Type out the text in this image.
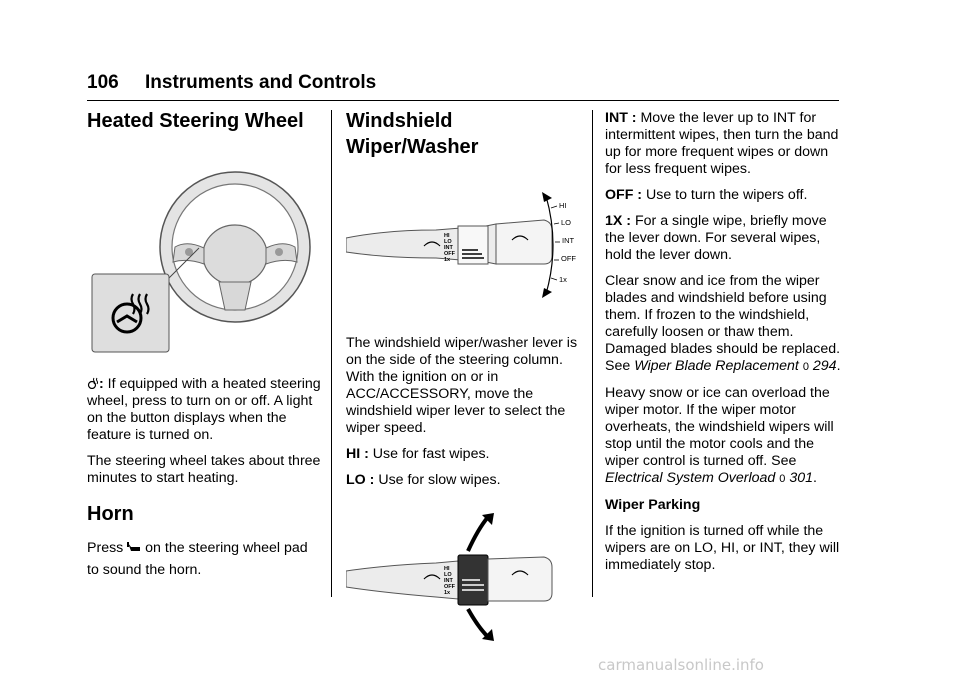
106 Instruments and Controls
Heated Steering Wheel

: If equipped with a heated steering wheel, press to turn on or off. A light on the button displays when the feature is turned on.

The steering wheel takes about three minutes to start heating.

Horn

Press  on the steering wheel pad to sound the horn.

Windshield Wiper/Washer
HI
LO
INT
OFF
1x
HI
LO
INT
OFF
1x

The windshield wiper/washer lever is on the side of the steering column. With the ignition on or in ACC/ACCESSORY, move the windshield wiper lever to select the wiper speed.

HI : Use for fast wipes.

LO : Use for slow wipes.

HI
LO
INT
OFF
1x

INT : Move the lever up to INT for intermittent wipes, then turn the band up for more frequent wipes or down for less frequent wipes.

OFF : Use to turn the wipers off.

1X : For a single wipe, briefly move the lever down. For several wipes, hold the lever down.

Clear snow and ice from the wiper blades and windshield before using them. If frozen to the windshield, carefully loosen or thaw them. Damaged blades should be replaced. See Wiper Blade Replacement 0 294.

Heavy snow or ice can overload the wiper motor. If the wiper motor overheats, the windshield wipers will stop until the motor cools and the wiper control is turned off. See Electrical System Overload 0 301.

Wiper Parking

If the ignition is turned off while the wipers are on LO, HI, or INT, they will immediately stop.

carmanualsonline.info
